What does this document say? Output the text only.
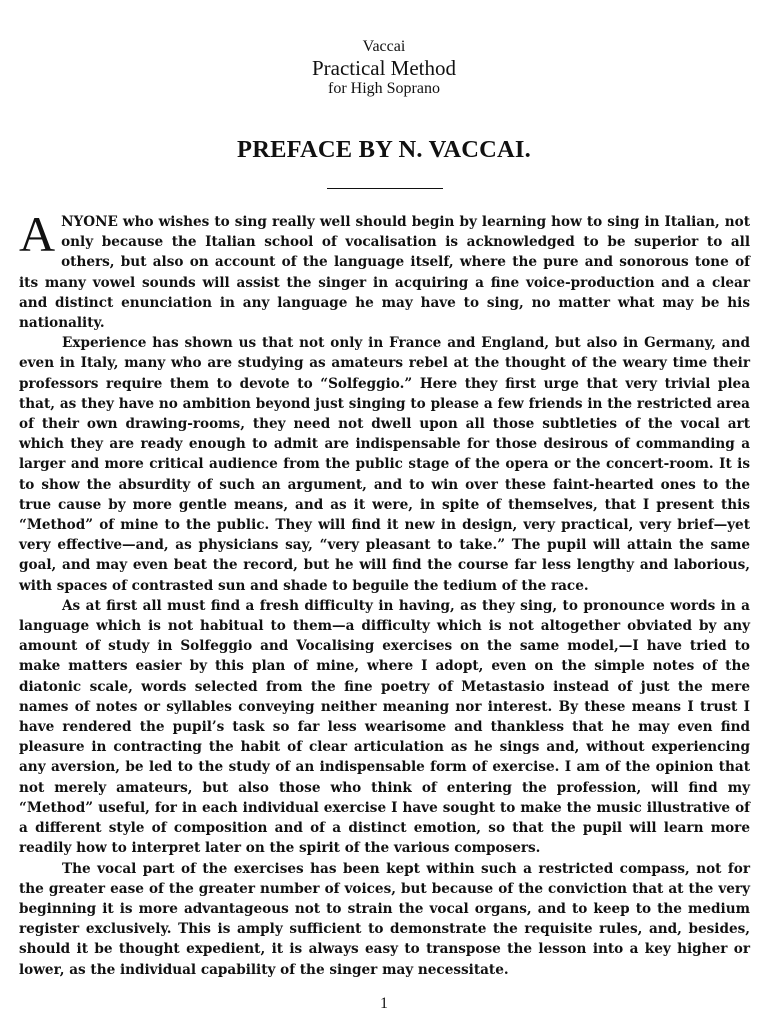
Vaccai
Practical Method
for High Soprano
PREFACE BY N. VACCAI.

ANYONE who wishes to sing really well should begin by learning how to sing in Italian, not only because the Italian school of vocalisation is acknowledged to be superior to all others, but also on account of the language itself, where the pure and sonorous tone of its many vowel sounds will assist the singer in acquiring a fine voice-production and a clear and distinct enunciation in any language he may have to sing, no matter what may be his nationality.

Experience has shown us that not only in France and England, but also in Germany, and even in Italy, many who are studying as amateurs rebel at the thought of the weary time their professors require them to devote to “Solfeggio.” Here they first urge that very trivial plea that, as they have no ambition beyond just singing to please a few friends in the restricted area of their own drawing-rooms, they need not dwell upon all those subtleties of the vocal art which they are ready enough to admit are indispensable for those desirous of commanding a larger and more critical audience from the public stage of the opera or the concert-room. It is to show the absurdity of such an argument, and to win over these faint-hearted ones to the true cause by more gentle means, and as it were, in spite of themselves, that I present this “Method” of mine to the public. They will find it new in design, very practical, very brief—yet very effective—and, as physicians say, “very pleasant to take.” The pupil will attain the same goal, and may even beat the record, but he will find the course far less lengthy and laborious, with spaces of contrasted sun and shade to beguile the tedium of the race.

As at first all must find a fresh difficulty in having, as they sing, to pronounce words in a language which is not habitual to them—a difficulty which is not altogether obviated by any amount of study in Solfeggio and Vocalising exercises on the same model,—I have tried to make matters easier by this plan of mine, where I adopt, even on the simple notes of the diatonic scale, words selected from the fine poetry of Metastasio instead of just the mere names of notes or syllables conveying neither meaning nor interest. By these means I trust I have rendered the pupil’s task so far less wearisome and thankless that he may even find pleasure in contracting the habit of clear articulation as he sings and, without experiencing any aversion, be led to the study of an indispensable form of exercise. I am of the opinion that not merely amateurs, but also those who think of entering the profession, will find my “Method” useful, for in each individual exercise I have sought to make the music illustrative of a different style of composition and of a distinct emotion, so that the pupil will learn more readily how to interpret later on the spirit of the various composers.

The vocal part of the exercises has been kept within such a restricted compass, not for the greater ease of the greater number of voices, but because of the conviction that at the very beginning it is more advantageous not to strain the vocal organs, and to keep to the medium register exclusively. This is amply sufficient to demonstrate the requisite rules, and, besides, should it be thought expedient, it is always easy to transpose the lesson into a key higher or lower, as the individual capability of the singer may necessitate.

1
